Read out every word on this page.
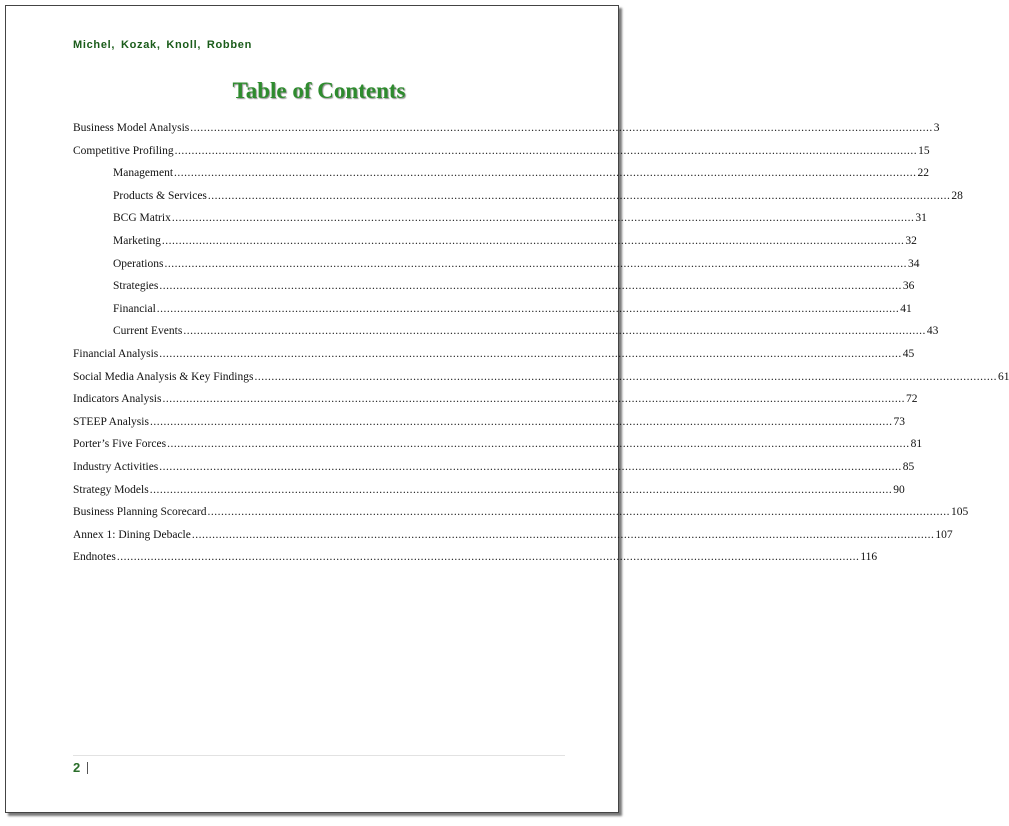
Michel, Kozak, Knoll, Robben
Table of Contents
Business Model Analysis ............................................................................................................................................................................................................................ 3
Competitive Profiling ............................................................................................................................................................................................................................ 15
Management ............................................................................................................................................................................................................................ 22
Products & Services ............................................................................................................................................................................................................................ 28
BCG Matrix ............................................................................................................................................................................................................................ 31
Marketing ............................................................................................................................................................................................................................ 32
Operations ............................................................................................................................................................................................................................ 34
Strategies ............................................................................................................................................................................................................................ 36
Financial ............................................................................................................................................................................................................................ 41
Current Events ............................................................................................................................................................................................................................ 43
Financial Analysis ............................................................................................................................................................................................................................ 45
Social Media Analysis & Key Findings ............................................................................................................................................................................................................................ 61
Indicators Analysis ............................................................................................................................................................................................................................ 72
STEEP Analysis ............................................................................................................................................................................................................................ 73
Porter’s Five Forces ............................................................................................................................................................................................................................ 81
Industry Activities ............................................................................................................................................................................................................................ 85
Strategy Models ............................................................................................................................................................................................................................ 90
Business Planning Scorecard ............................................................................................................................................................................................................................ 105
Annex 1: Dining Debacle ............................................................................................................................................................................................................................ 107
Endnotes ............................................................................................................................................................................................................................ 116
2
